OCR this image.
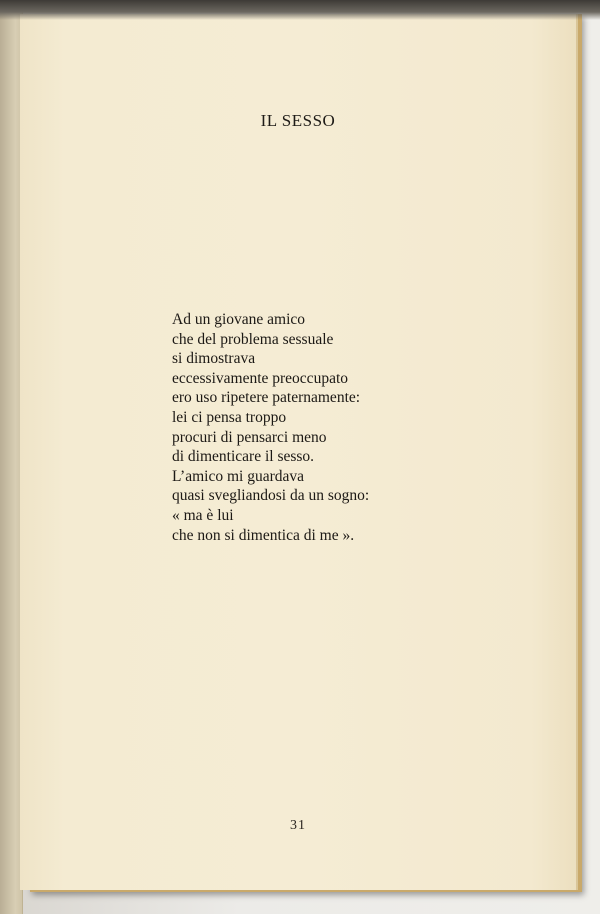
IL SESSO
Ad un giovane amico
che del problema sessuale
si dimostrava
eccessivamente preoccupato
ero uso ripetere paternamente:
lei ci pensa troppo
procuri di pensarci meno
di dimenticare il sesso.
L’amico mi guardava
quasi svegliandosi da un sogno:
« ma è lui
che non si dimentica di me ».
31
